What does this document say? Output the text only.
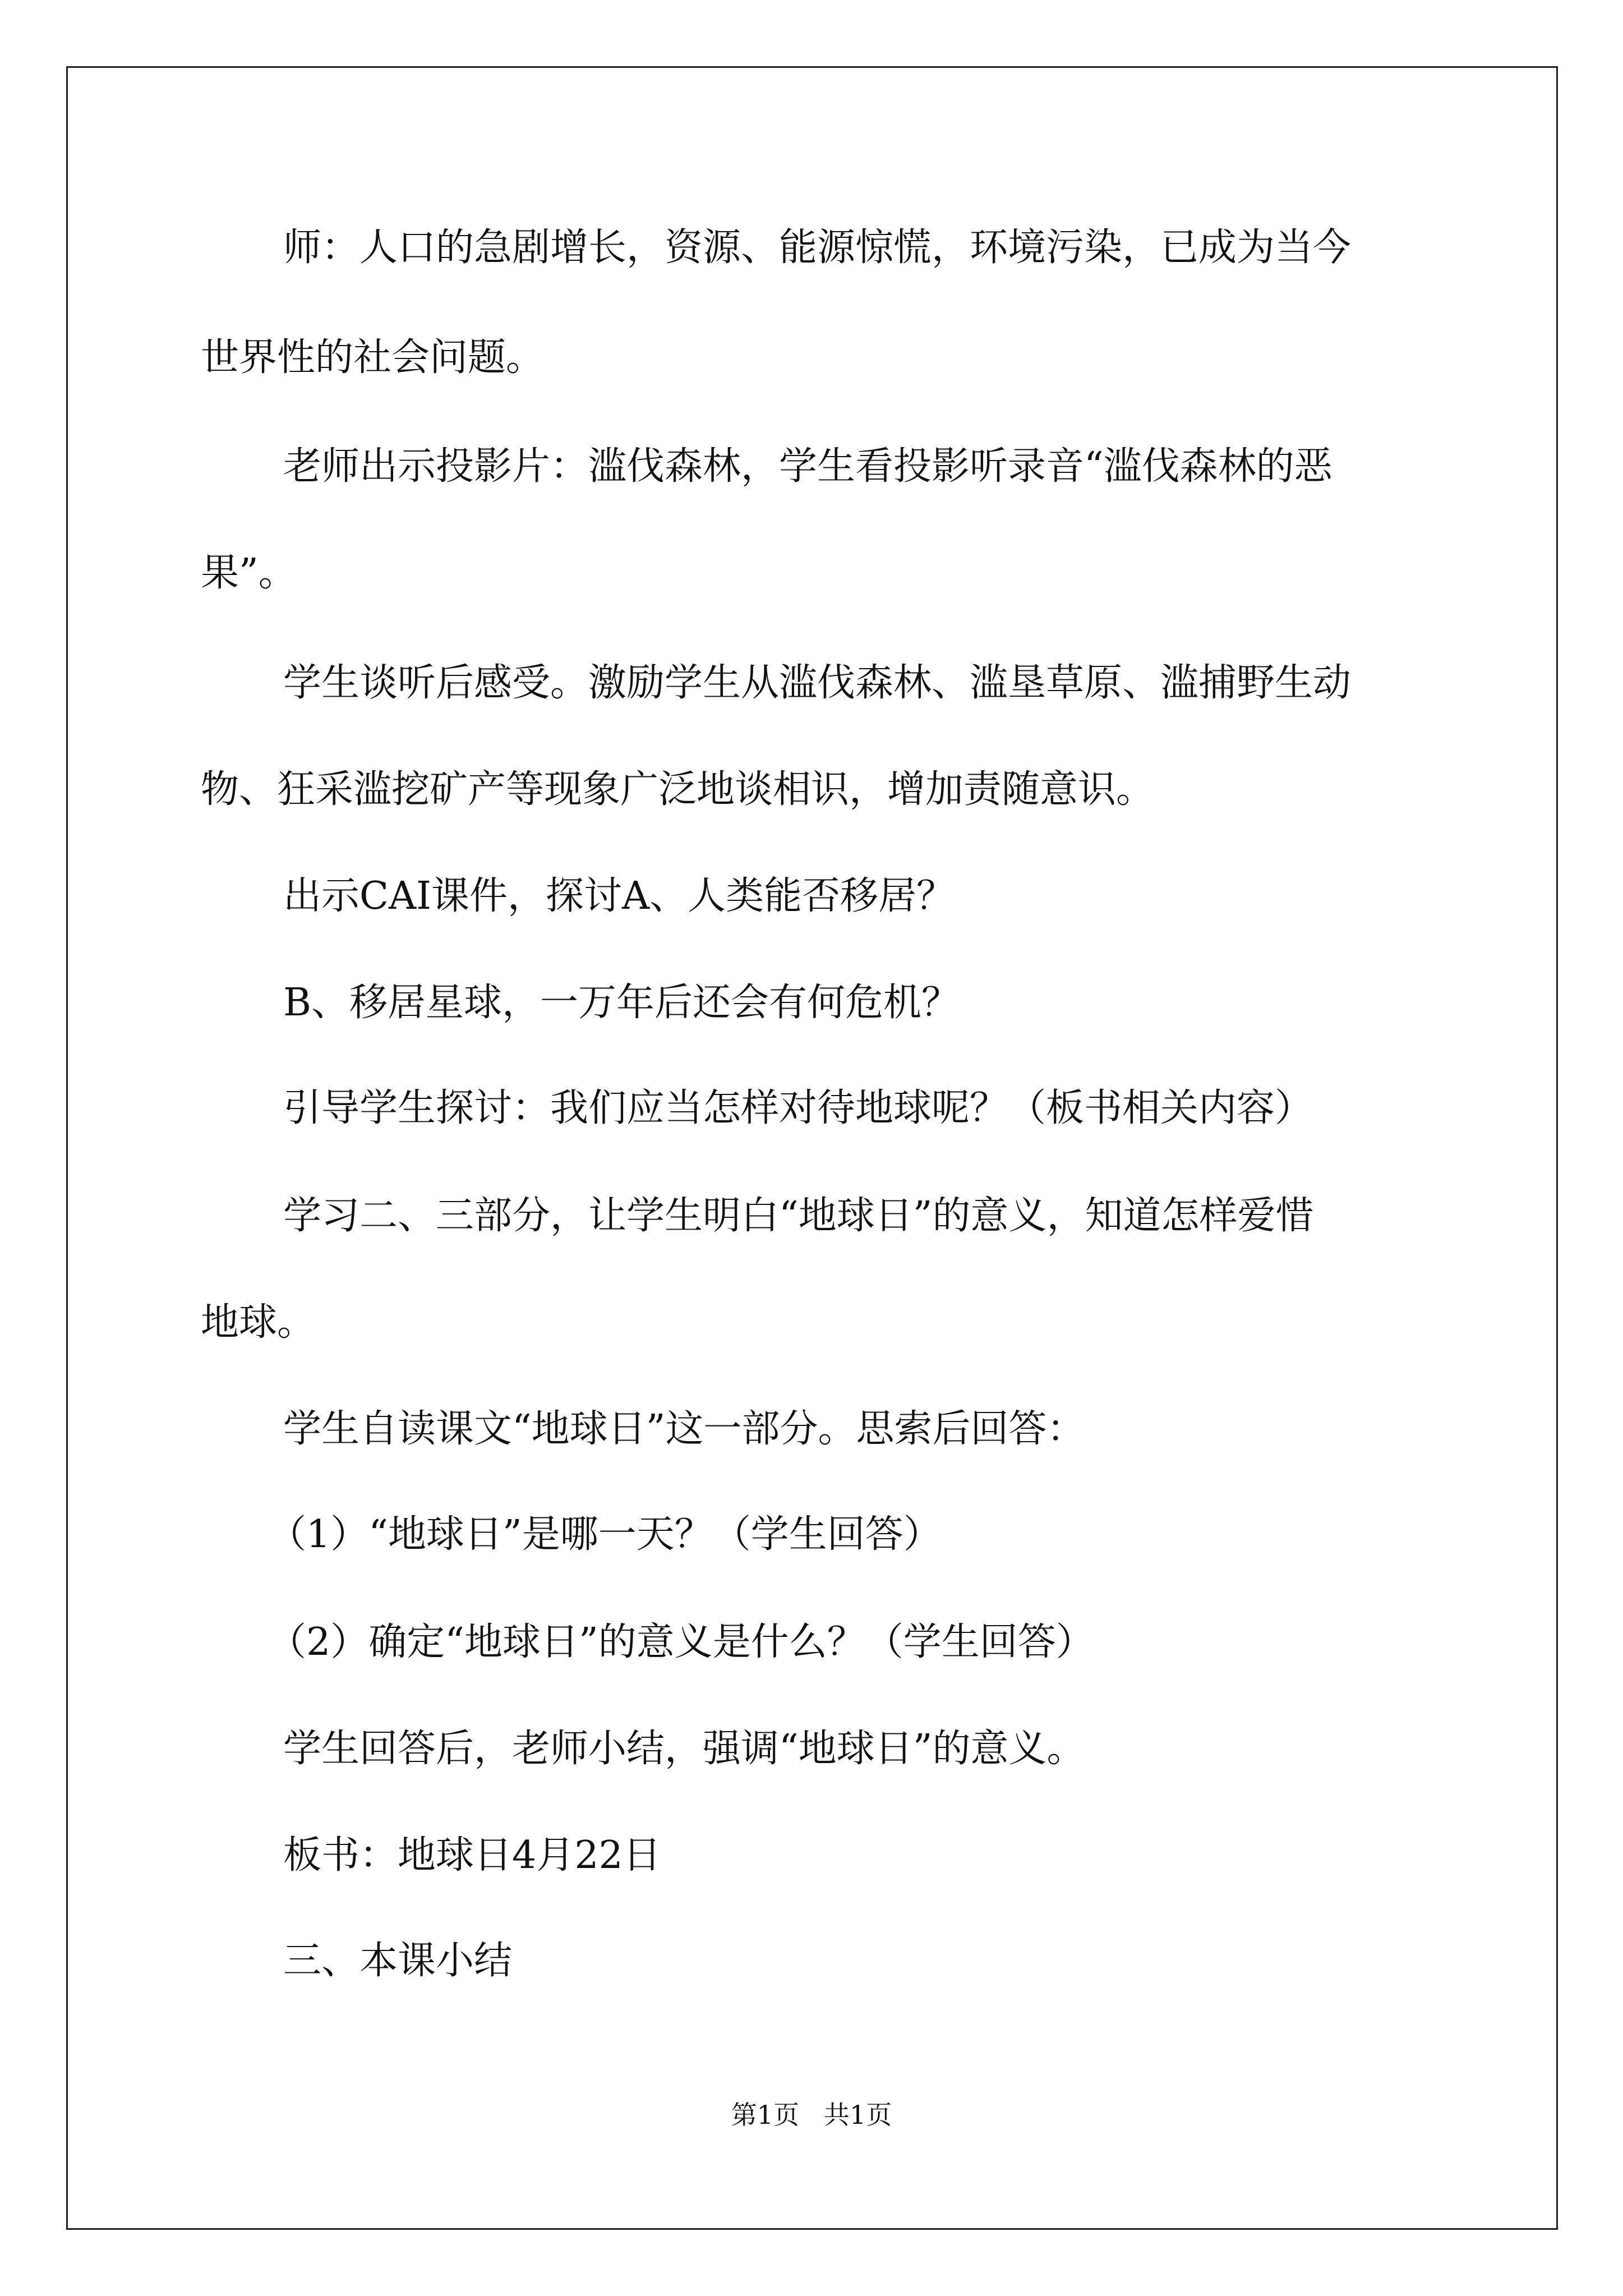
师：人口的急剧增长，资源、能源惊慌，环境污染，已成为当今

世界性的社会问题。

老师出示投影片：滥伐森林，学生看投影听录音“滥伐森林的恶

果”。

学生谈听后感受。激励学生从滥伐森林、滥垦草原、滥捕野生动

物、狂采滥挖矿产等现象广泛地谈相识，增加责随意识。

出示CAI课件，探讨A、人类能否移居？

B、移居星球，一万年后还会有何危机？

引导学生探讨：我们应当怎样对待地球呢？（板书相关内容）

学习二、三部分，让学生明白“地球日”的意义，知道怎样爱惜

地球。

学生自读课文“地球日”这一部分。思索后回答：

（1）“地球日”是哪一天？（学生回答）

（2）确定“地球日”的意义是什么？（学生回答）

学生回答后，老师小结，强调“地球日”的意义。

板书：地球日4月22日

三、本课小结

第1页   共1页
